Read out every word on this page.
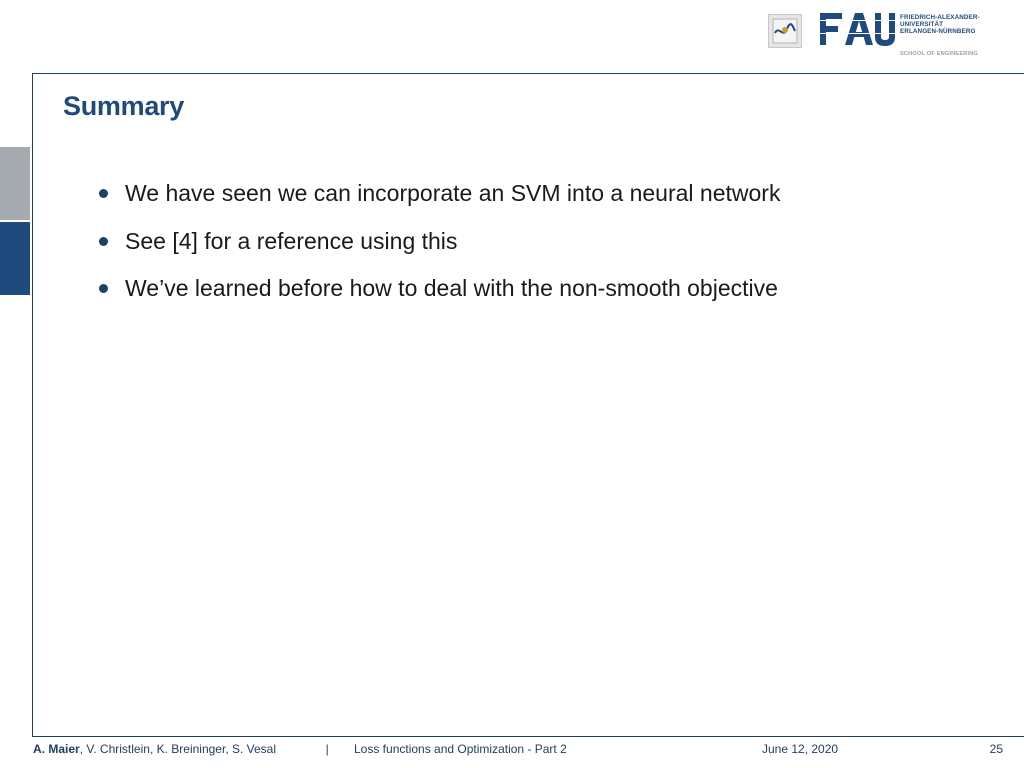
FRIEDRICH-ALEXANDER-
UNIVERSITÄT
ERLANGEN-NÜRNBERG
SCHOOL OF ENGINEERING
Summary
We have seen we can incorporate an SVM into a neural network
See [4] for a reference using this
We’ve learned before how to deal with the non-smooth objective
A. Maier, V. Christlein, K. Breininger, S. Vesal	| Loss functions and Optimization - Part 2	June 12, 2020	25
